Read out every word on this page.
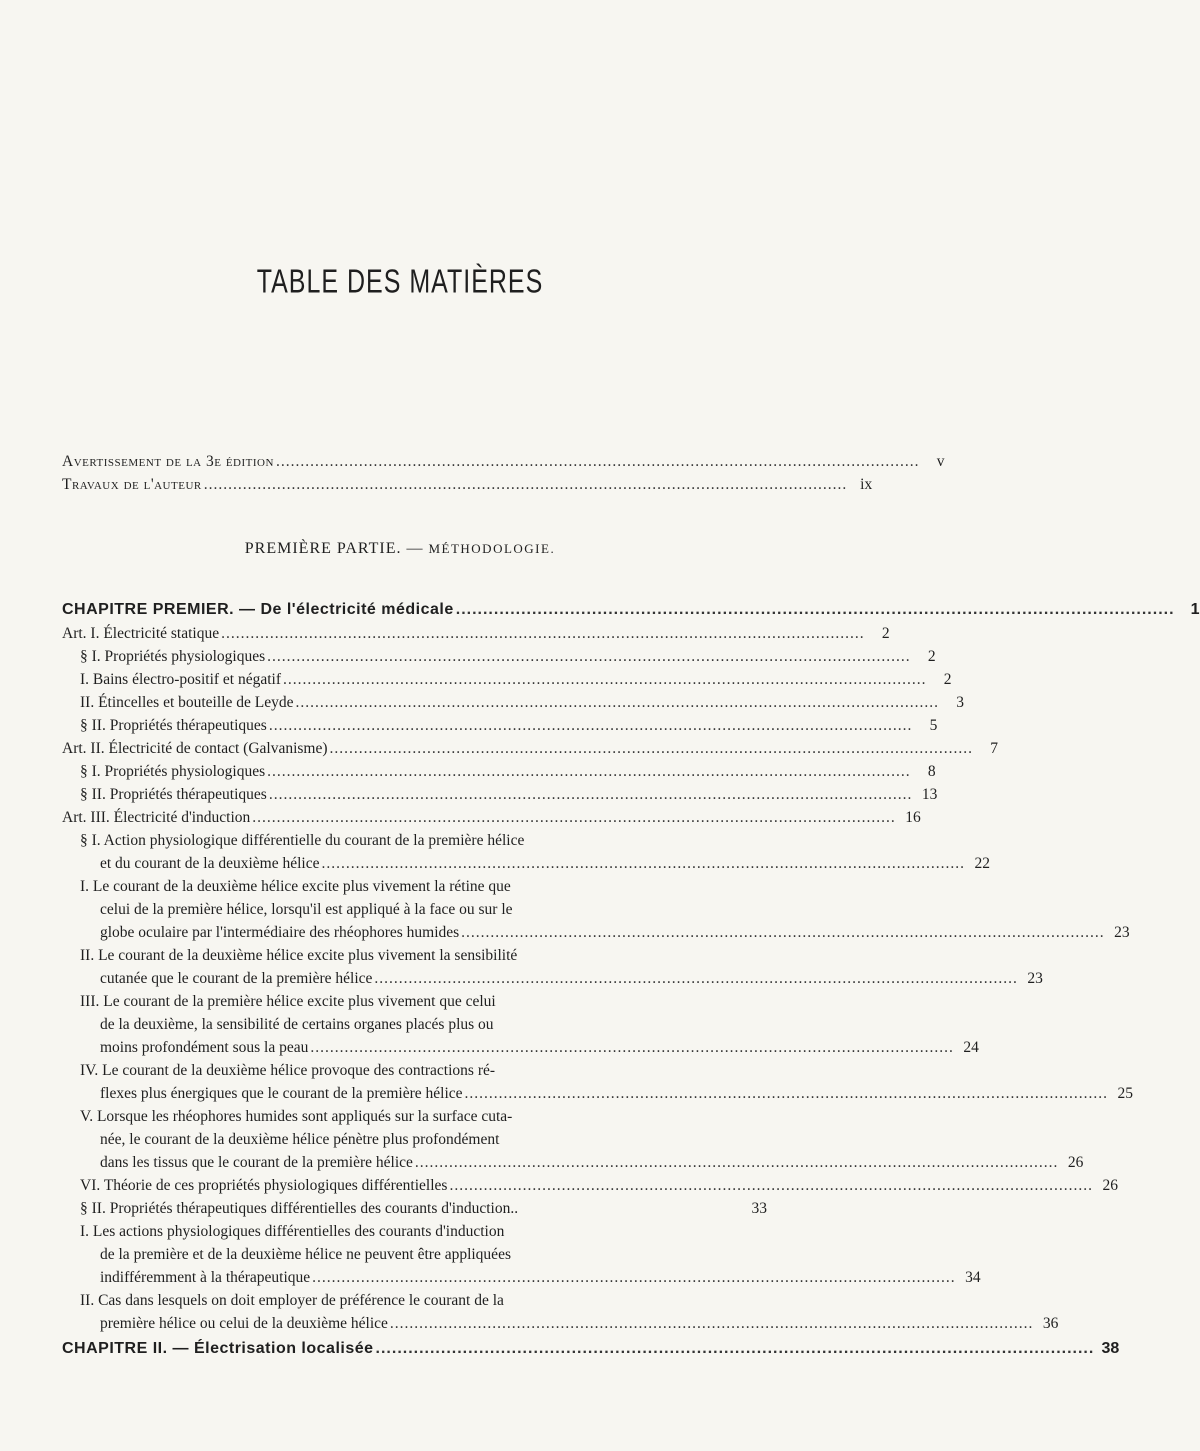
TABLE DES MATIÈRES
Avertissement de la 3e édition ....................................................................................................................................	v
Travaux de l'auteur .................................................................................................................................... ix
PREMIÈRE PARTIE. — MÉTHODOLOGIE.
CHAPITRE PREMIER. — De l'électricité médicale ....................................................................................................................................	1
Art. I. Électricité statique ....................................................................................................................................	2
§ I. Propriétés physiologiques ....................................................................................................................................	2
I. Bains électro-positif et négatif ....................................................................................................................................	2
II. Étincelles et bouteille de Leyde ....................................................................................................................................	3
§ II. Propriétés thérapeutiques ....................................................................................................................................	5
Art. II. Électricité de contact (Galvanisme) ....................................................................................................................................	7
§ I. Propriétés physiologiques ....................................................................................................................................	8
§ II. Propriétés thérapeutiques .................................................................................................................................... 13
Art. III. Électricité d'induction .................................................................................................................................... 16
§ I. Action physiologique différentielle du courant de la première hélice
et du courant de la deuxième hélice .................................................................................................................................... 22
I. Le courant de la deuxième hélice excite plus vivement la rétine que
celui de la première hélice, lorsqu'il est appliqué à la face ou sur le
globe oculaire par l'intermédiaire des rhéophores humides .................................................................................................................................... 23
II. Le courant de la deuxième hélice excite plus vivement la sensibilité
cutanée que le courant de la première hélice .................................................................................................................................... 23
III. Le courant de la première hélice excite plus vivement que celui
de la deuxième, la sensibilité de certains organes placés plus ou
moins profondément sous la peau .................................................................................................................................... 24
IV. Le courant de la deuxième hélice provoque des contractions ré-
flexes plus énergiques que le courant de la première hélice .................................................................................................................................... 25
V. Lorsque les rhéophores humides sont appliqués sur la surface cuta-
née, le courant de la deuxième hélice pénètre plus profondément
dans les tissus que le courant de la première hélice .................................................................................................................................... 26
VI. Théorie de ces propriétés physiologiques différentielles .................................................................................................................................... 26
§ II. Propriétés thérapeutiques différentielles des courants d'induction..	33
I. Les actions physiologiques différentielles des courants d'induction
de la première et de la deuxième hélice ne peuvent être appliquées
indifféremment à la thérapeutique .................................................................................................................................... 34
II. Cas dans lesquels on doit employer de préférence le courant de la
première hélice ou celui de la deuxième hélice .................................................................................................................................... 36
CHAPITRE II. — Électrisation localisée .................................................................................................................................... 38
